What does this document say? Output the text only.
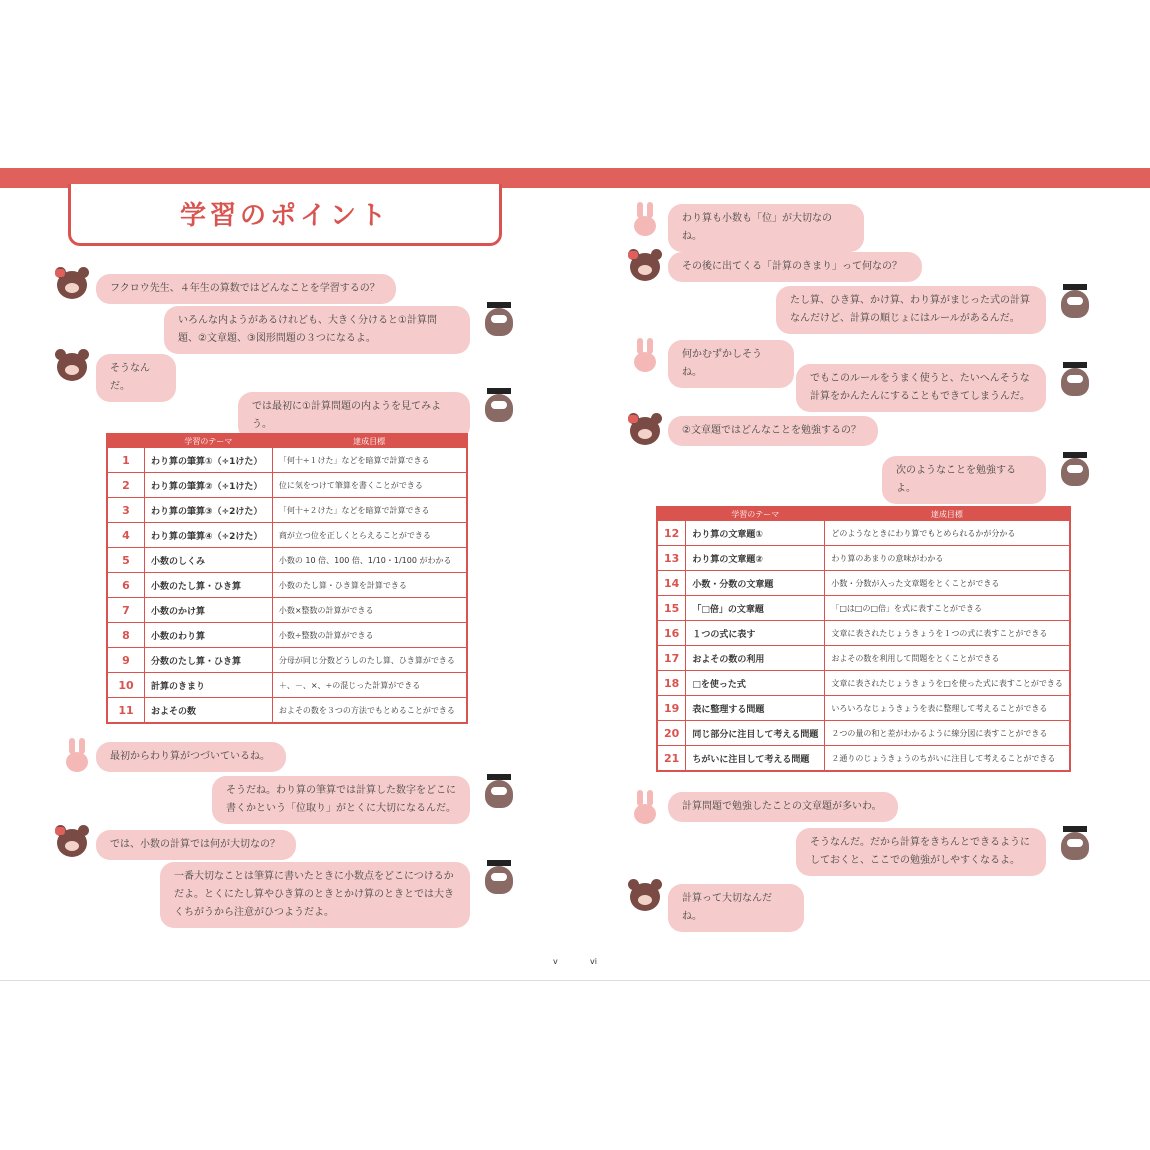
学習のポイント
フクロウ先生、４年生の算数ではどんなことを学習するの？
いろんな内ようがあるけれども、大きく分けると①計算問題、②文章題、③図形問題の３つになるよ。
そうなんだ。
では最初に①計算問題の内ようを見てみよう。
	学習のテーマ	達成目標
1	わり算の筆算①（÷1けた）	「何十÷１けた」などを暗算で計算できる
2	わり算の筆算②（÷1けた）	位に気をつけて筆算を書くことができる
3	わり算の筆算③（÷2けた）	「何十÷２けた」などを暗算で計算できる
4	わり算の筆算④（÷2けた）	商が立つ位を正しくとらえることができる
5	小数のしくみ	小数の 10 倍、100 倍、1/10・1/100 がわかる
6	小数のたし算・ひき算	小数のたし算・ひき算を計算できる
7	小数のかけ算	小数×整数の計算ができる
8	小数のわり算	小数÷整数の計算ができる
9	分数のたし算・ひき算	分母が同じ分数どうしのたし算、ひき算ができる
10	計算のきまり	＋、－、×、÷の混じった計算ができる
11	およその数	およその数を３つの方法でもとめることができる
最初からわり算がつづいているね。
そうだね。わり算の筆算では計算した数字をどこに書くかという「位取り」がとくに大切になるんだ。
では、小数の計算では何が大切なの？
一番大切なことは筆算に書いたときに小数点をどこにつけるかだよ。とくにたし算やひき算のときとかけ算のときとでは大きくちがうから注意がひつようだよ。
わり算も小数も「位」が大切なのね。
その後に出てくる「計算のきまり」って何なの？
たし算、ひき算、かけ算、わり算がまじった式の計算なんだけど、計算の順じょにはルールがあるんだ。
何かむずかしそうね。
でもこのルールをうまく使うと、たいへんそうな計算をかんたんにすることもできてしまうんだ。
②文章題ではどんなことを勉強するの？
次のようなことを勉強するよ。
	学習のテーマ	達成目標
12	わり算の文章題①	どのようなときにわり算でもとめられるかが分かる
13	わり算の文章題②	わり算のあまりの意味がわかる
14	小数・分数の文章題	小数・分数が入った文章題をとくことができる
15	「□倍」の文章題	「□は□の□倍」を式に表すことができる
16	１つの式に表す	文章に表されたじょうきょうを１つの式に表すことができる
17	およその数の利用	およその数を利用して問題をとくことができる
18	□を使った式	文章に表されたじょうきょうを□を使った式に表すことができる
19	表に整理する問題	いろいろなじょうきょうを表に整理して考えることができる
20	同じ部分に注目して考える問題	２つの量の和と差がわかるように線分図に表すことができる
21	ちがいに注目して考える問題	２通りのじょうきょうのちがいに注目して考えることができる
計算問題で勉強したことの文章題が多いわ。
そうなんだ。だから計算をきちんとできるようにしておくと、ここでの勉強がしやすくなるよ。
計算って大切なんだね。
v	vi
